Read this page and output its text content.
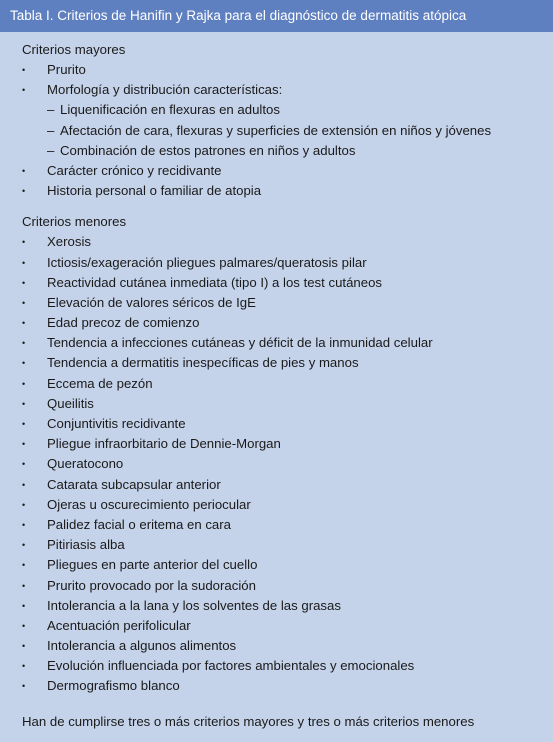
Tabla I. Criterios de Hanifin y Rajka para el diagnóstico de dermatitis atópica
Criterios mayores
•	Prurito
•	Morfología y distribución características:
– Liquenificación en flexuras en adultos
– Afectación de cara, flexuras y superficies de extensión en niños y jóvenes
– Combinación de estos patrones en niños y adultos
•	Carácter crónico y recidivante
•	Historia personal o familiar de atopia
Criterios menores
•	Xerosis
•	Ictiosis/exageración pliegues palmares/queratosis pilar
•	Reactividad cutánea inmediata (tipo I) a los test cutáneos
•	Elevación de valores séricos de IgE
•	Edad precoz de comienzo
•	Tendencia a infecciones cutáneas y déficit de la inmunidad celular
•	Tendencia a dermatitis inespecíficas de pies y manos
•	Eccema de pezón
•	Queilitis
•	Conjuntivitis recidivante
•	Pliegue infraorbitario de Dennie-Morgan
•	Queratocono
•	Catarata subcapsular anterior
•	Ojeras u oscurecimiento periocular
•	Palidez facial o eritema en cara
•	Pitiriasis alba
•	Pliegues en parte anterior del cuello
•	Prurito provocado por la sudoración
•	Intolerancia a la lana y los solventes de las grasas
•	Acentuación perifolicular
•	Intolerancia a algunos alimentos
•	Evolución influenciada por factores ambientales y emocionales
•	Dermografismo blanco
Han de cumplirse tres o más criterios mayores y tres o más criterios menores
